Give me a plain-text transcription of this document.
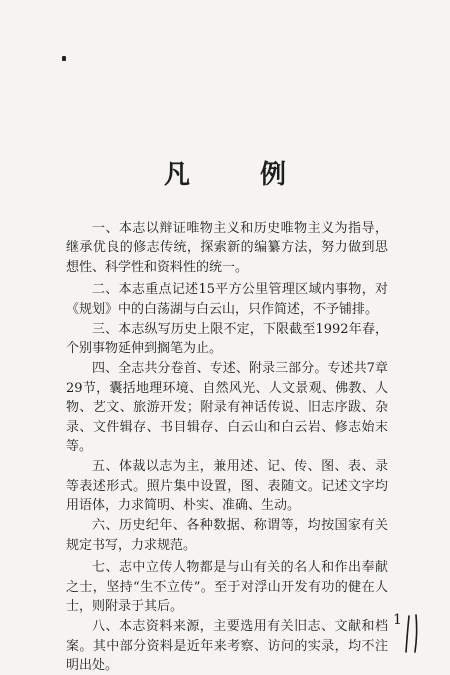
凡　例

一、本志以辩证唯物主义和历史唯物主义为指导，继承优良的修志传统，探索新的编纂方法，努力做到思想性、科学性和资料性的统一。

二、本志重点记述15平方公里管理区域内事物，对《规划》中的白荡湖与白云山，只作简述，不予铺排。

三、本志纵写历史上限不定，下限截至1992年春，个别事物延伸到搁笔为止。

四、全志共分卷首、专述、附录三部分。专述共7章29节，囊括地理环境、自然风光、人文景观、佛教、人物、艺文、旅游开发；附录有神话传说、旧志序跋、杂录、文件辑存、书目辑存、白云山和白云岩、修志始末等。

五、体裁以志为主，兼用述、记、传、图、表、录等表述形式。照片集中设置，图、表随文。记述文字均用语体，力求简明、朴实、准确、生动。

六、历史纪年、各种数据、称谓等，均按国家有关规定书写，力求规范。

七、志中立传人物都是与山有关的名人和作出奉献之士，坚持“生不立传”。至于对浮山开发有功的健在人士，则附录于其后。

八、本志资料来源，主要选用有关旧志、文献和档案。其中部分资料是近年来考察、访问的实录，均不注明出处。

1
